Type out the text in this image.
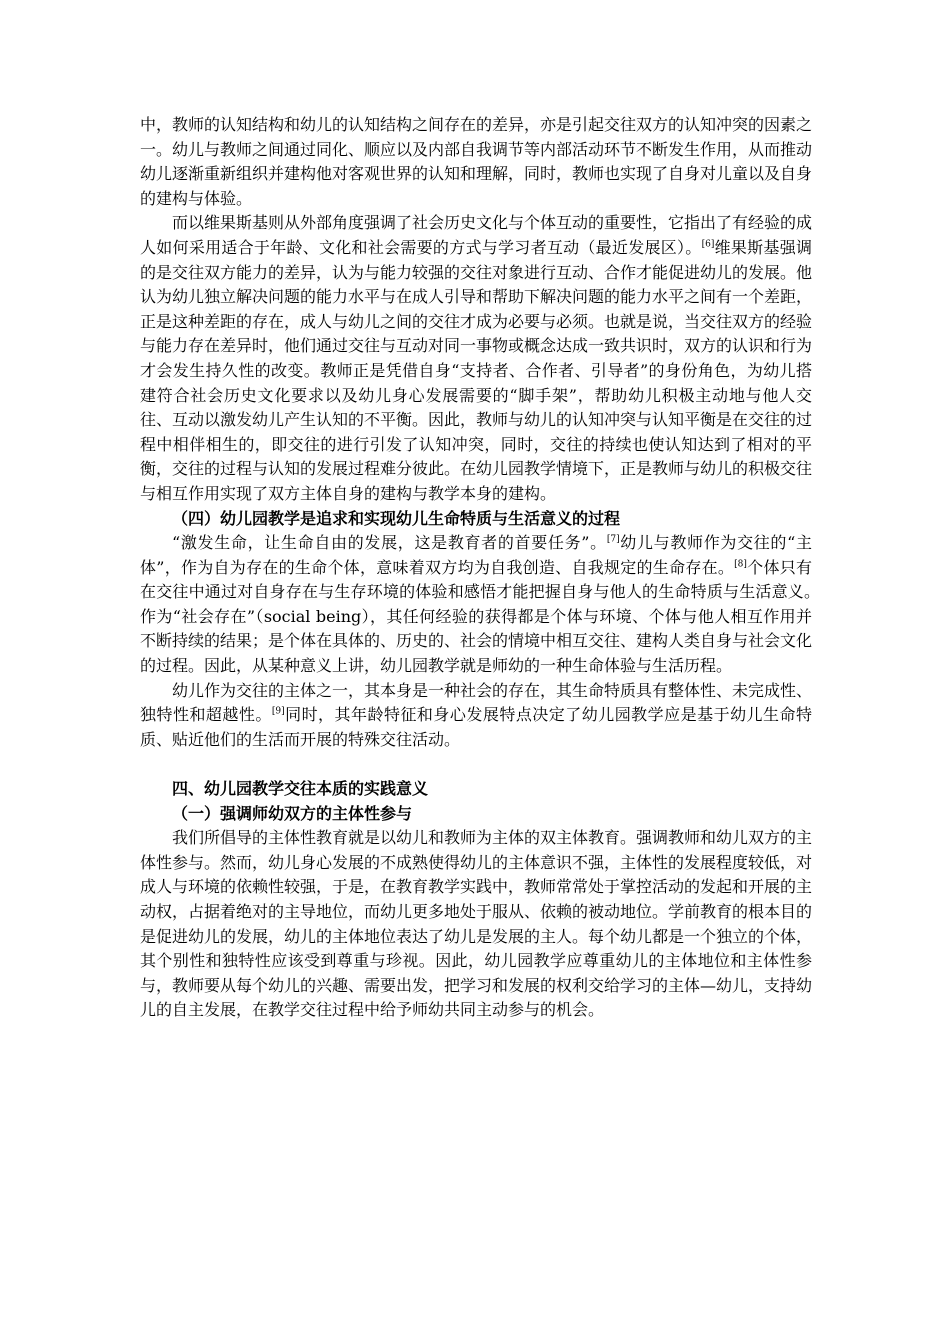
中，教师的认知结构和幼儿的认知结构之间存在的差异，亦是引起交往双方的认知冲突的因素之一。幼儿与教师之间通过同化、顺应以及内部自我调节等内部活动环节不断发生作用，从而推动幼儿逐渐重新组织并建构他对客观世界的认知和理解，同时，教师也实现了自身对儿童以及自身的建构与体验。

而以维果斯基则从外部角度强调了社会历史文化与个体互动的重要性，它指出了有经验的成人如何采用适合于年龄、文化和社会需要的方式与学习者互动（最近发展区）。[6]维果斯基强调的是交往双方能力的差异，认为与能力较强的交往对象进行互动、合作才能促进幼儿的发展。他认为幼儿独立解决问题的能力水平与在成人引导和帮助下解决问题的能力水平之间有一个差距，正是这种差距的存在，成人与幼儿之间的交往才成为必要与必须。也就是说，当交往双方的经验与能力存在差异时，他们通过交往与互动对同一事物或概念达成一致共识时，双方的认识和行为才会发生持久性的改变。教师正是凭借自身“支持者、合作者、引导者”的身份角色，为幼儿搭建符合社会历史文化要求以及幼儿身心发展需要的“脚手架”，帮助幼儿积极主动地与他人交往、互动以激发幼儿产生认知的不平衡。因此，教师与幼儿的认知冲突与认知平衡是在交往的过程中相伴相生的，即交往的进行引发了认知冲突，同时，交往的持续也使认知达到了相对的平衡，交往的过程与认知的发展过程难分彼此。在幼儿园教学情境下，正是教师与幼儿的积极交往与相互作用实现了双方主体自身的建构与教学本身的建构。

（四）幼儿园教学是追求和实现幼儿生命特质与生活意义的过程

“激发生命，让生命自由的发展，这是教育者的首要任务”。[7]幼儿与教师作为交往的“主体”，作为自为存在的生命个体，意味着双方均为自我创造、自我规定的生命存在。[8]个体只有在交往中通过对自身存在与生存环境的体验和感悟才能把握自身与他人的生命特质与生活意义。　作为“社会存在”（social being），其任何经验的获得都是个体与环境、个体与他人相互作用并不断持续的结果；是个体在具体的、历史的、社会的情境中相互交往、建构人类自身与社会文化的过程。因此，从某种意义上讲，幼儿园教学就是师幼的一种生命体验与生活历程。

幼儿作为交往的主体之一，其本身是一种社会的存在，其生命特质具有整体性、未完成性、独特性和超越性。[9]同时，其年龄特征和身心发展特点决定了幼儿园教学应是基于幼儿生命特质、贴近他们的生活而开展的特殊交往活动。

四、幼儿园教学交往本质的实践意义

（一）强调师幼双方的主体性参与

我们所倡导的主体性教育就是以幼儿和教师为主体的双主体教育。强调教师和幼儿双方的主体性参与。然而，幼儿身心发展的不成熟使得幼儿的主体意识不强，主体性的发展程度较低，对成人与环境的依赖性较强，于是，在教育教学实践中，教师常常处于掌控活动的发起和开展的主动权，占据着绝对的主导地位，而幼儿更多地处于服从、依赖的被动地位。学前教育的根本目的是促进幼儿的发展，幼儿的主体地位表达了幼儿是发展的主人。每个幼儿都是一个独立的个体，其个别性和独特性应该受到尊重与珍视。因此，幼儿园教学应尊重幼儿的主体地位和主体性参与，教师要从每个幼儿的兴趣、需要出发，把学习和发展的权利交给学习的主体—幼儿，支持幼儿的自主发展，在教学交往过程中给予师幼共同主动参与的机会。
